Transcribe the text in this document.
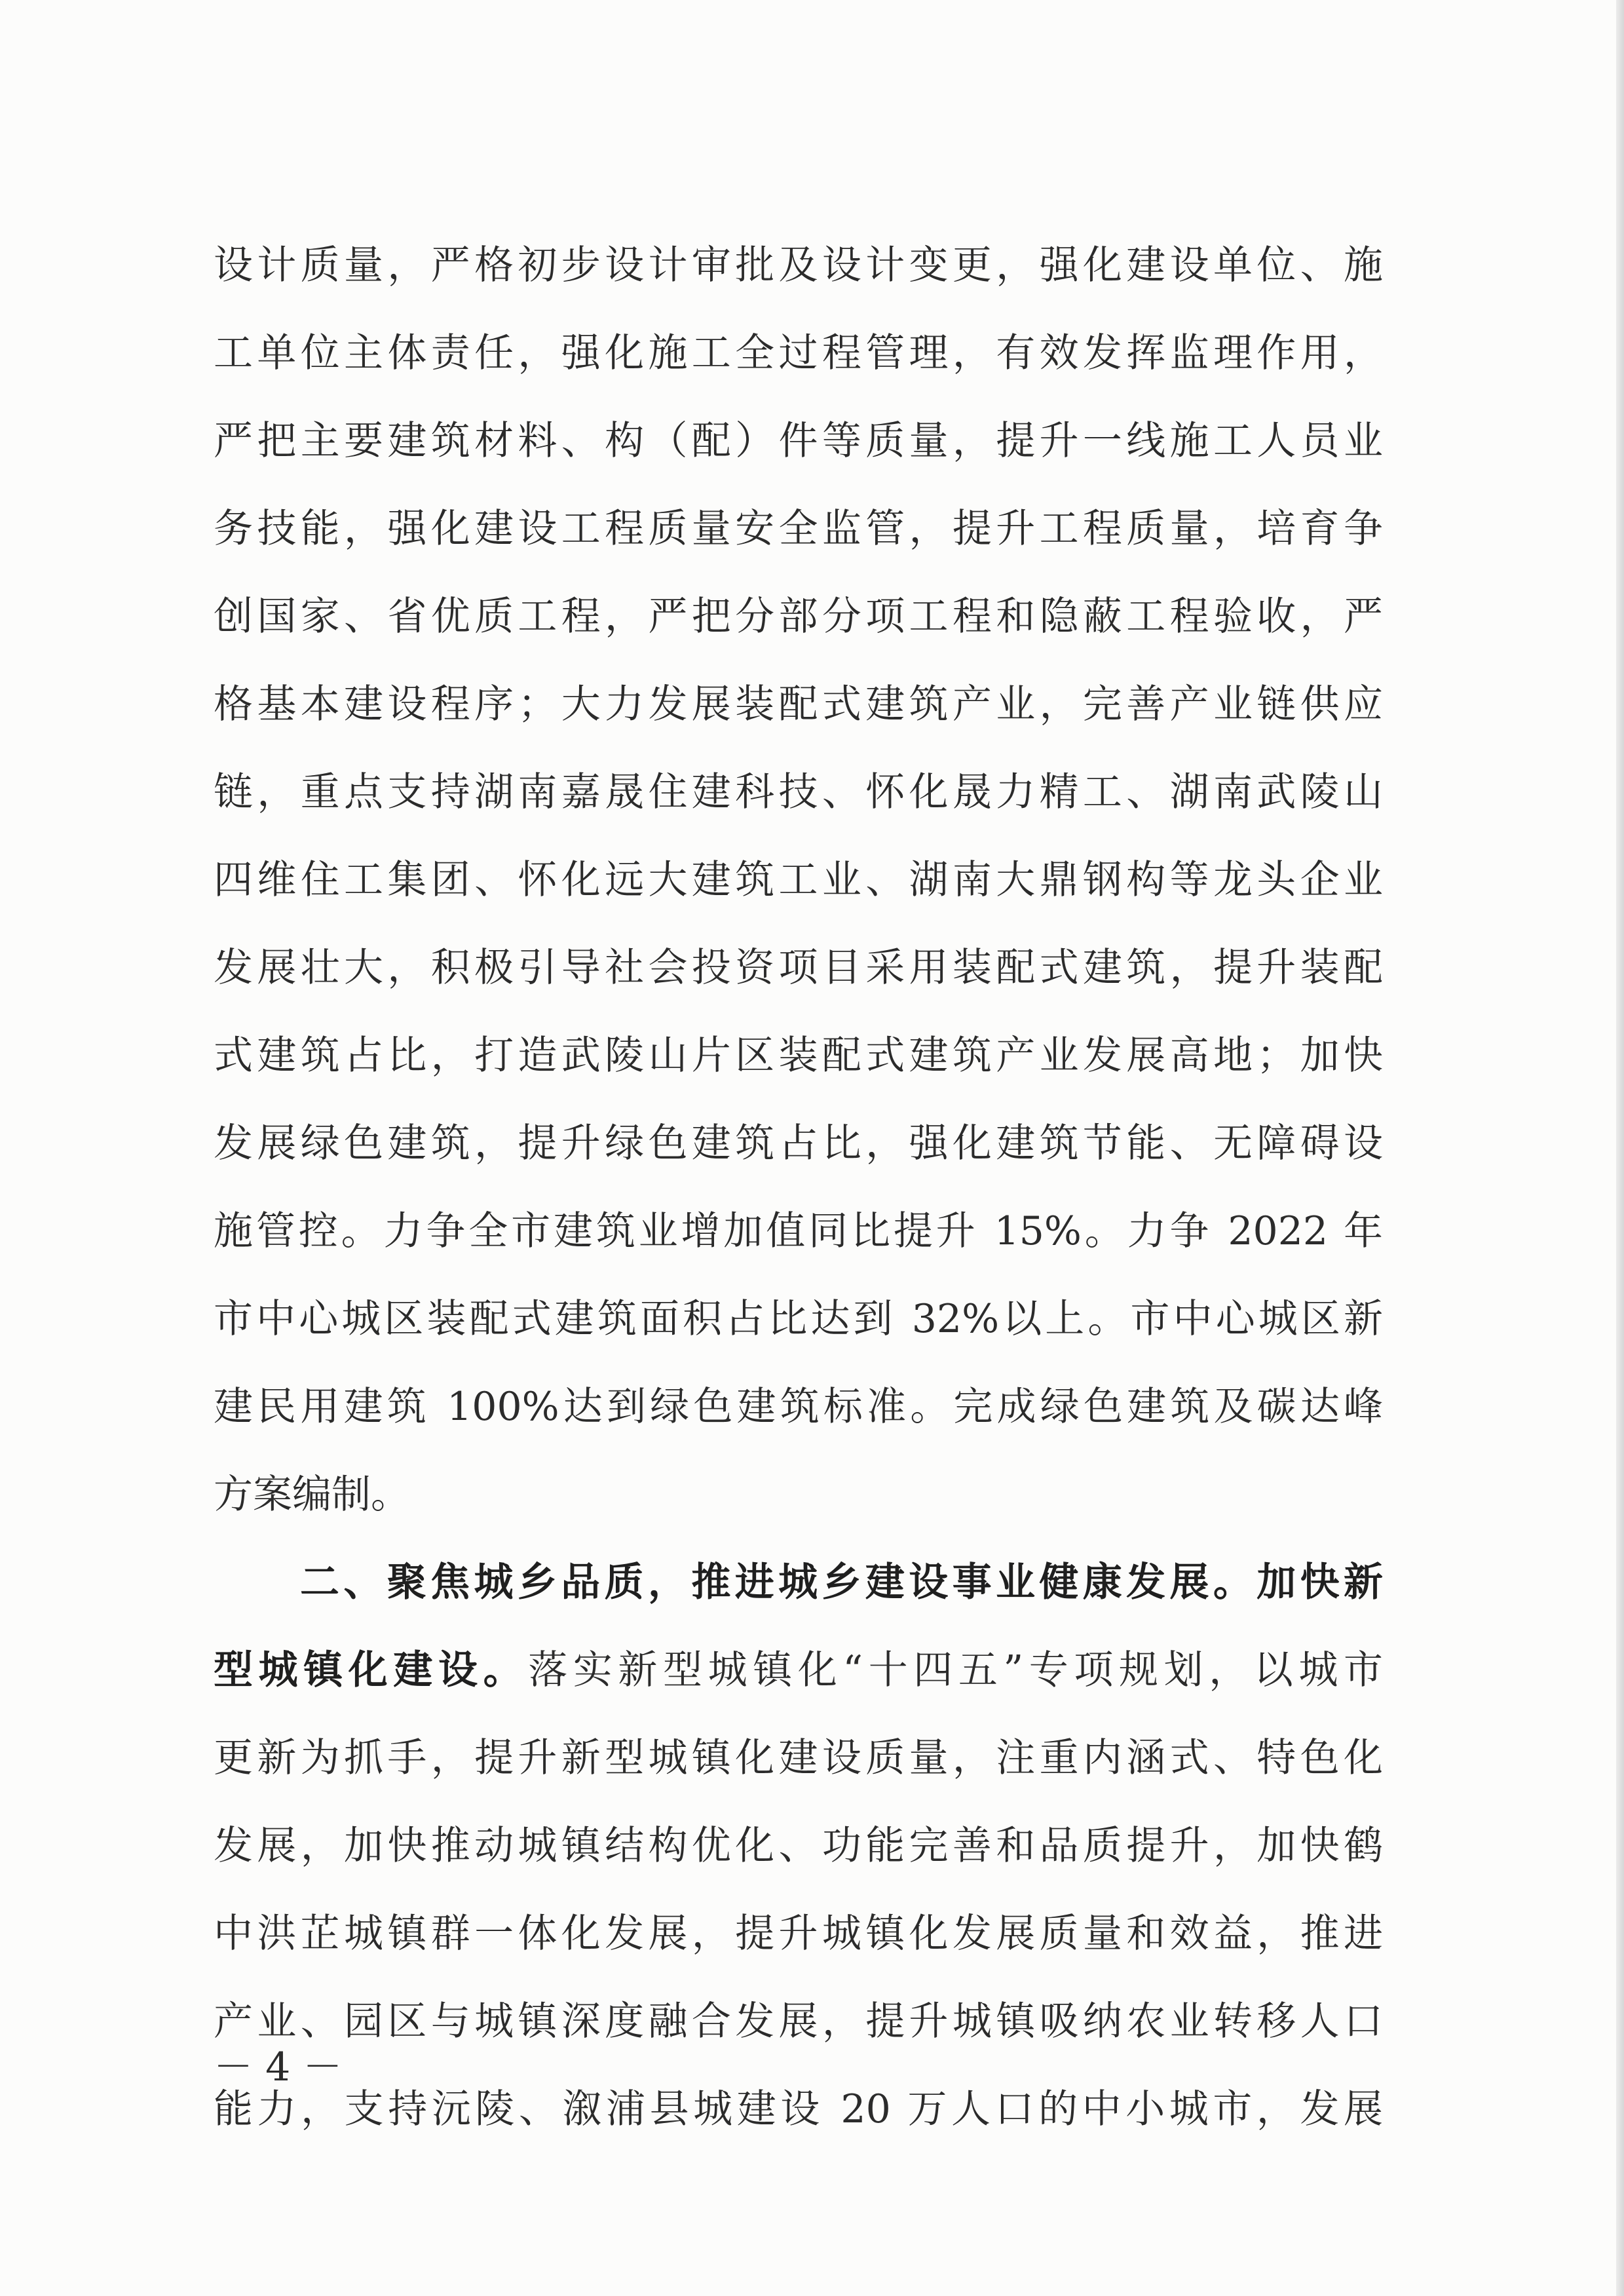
设计质量，严格初步设计审批及设计变更，强化建设单位、施
工单位主体责任，强化施工全过程管理，有效发挥监理作用，
严把主要建筑材料、构（配）件等质量，提升一线施工人员业
务技能，强化建设工程质量安全监管，提升工程质量，培育争
创国家、省优质工程，严把分部分项工程和隐蔽工程验收，严
格基本建设程序；大力发展装配式建筑产业，完善产业链供应
链，重点支持湖南嘉晟住建科技、怀化晟力精工、湖南武陵山
四维住工集团、怀化远大建筑工业、湖南大鼎钢构等龙头企业
发展壮大，积极引导社会投资项目采用装配式建筑，提升装配
式建筑占比，打造武陵山片区装配式建筑产业发展高地；加快
发展绿色建筑，提升绿色建筑占比，强化建筑节能、无障碍设
施管控。力争全市建筑业增加值同比提升 15%。力争 2022 年
市中心城区装配式建筑面积占比达到 32%以上。市中心城区新
建民用建筑 100%达到绿色建筑标准。完成绿色建筑及碳达峰
方案编制。
二、聚焦城乡品质，推进城乡建设事业健康发展。加快新
型城镇化建设。落实新型城镇化“十四五”专项规划，以城市
更新为抓手，提升新型城镇化建设质量，注重内涵式、特色化
发展，加快推动城镇结构优化、功能完善和品质提升，加快鹤
中洪芷城镇群一体化发展，提升城镇化发展质量和效益，推进
产业、园区与城镇深度融合发展，提升城镇吸纳农业转移人口
能力，支持沅陵、溆浦县城建设 20 万人口的中小城市，发展
－ 4 －
